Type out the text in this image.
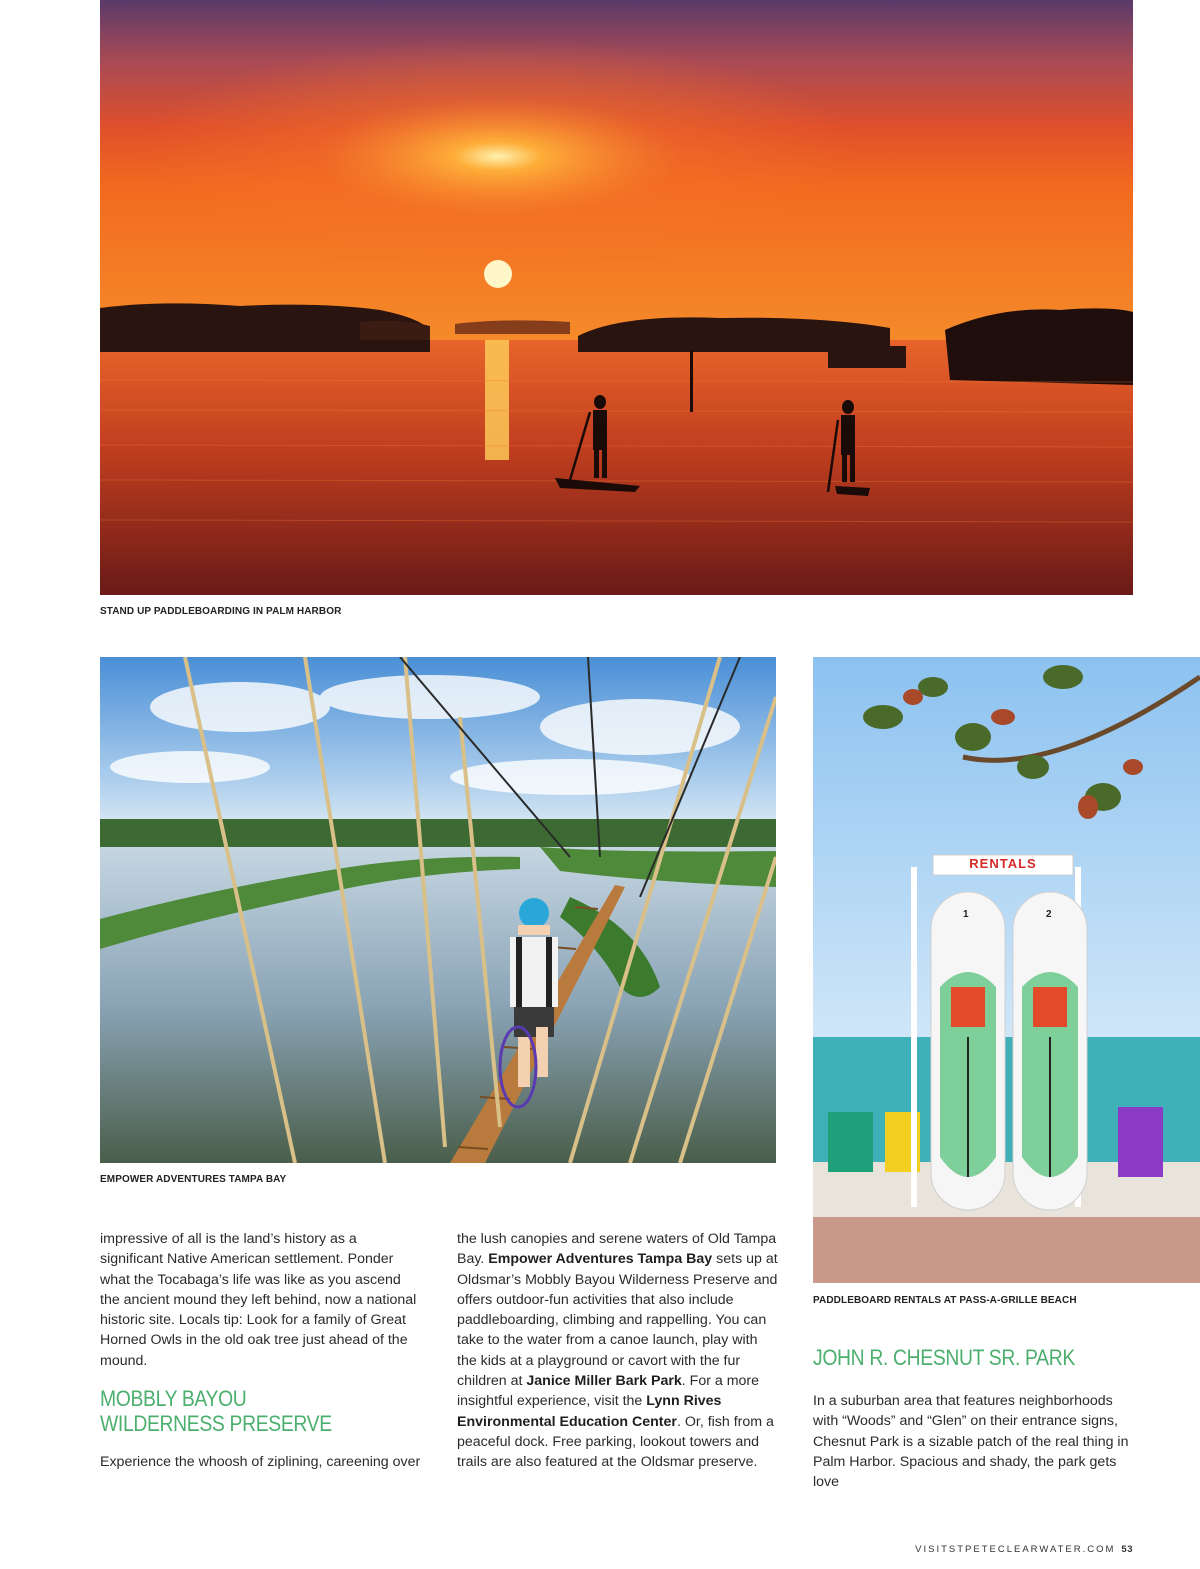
STAND UP PADDLEBOARDING IN PALM HARBOR
EMPOWER ADVENTURES TAMPA BAY
RENTALS
1	2
PADDLEBOARD RENTALS AT PASS-A-GRILLE BEACH

impressive of all is the land’s history as a significant Native American settlement. Ponder what the Tocabaga’s life was like as you ascend the ancient mound they left behind, now a national historic site. Locals tip: Look for a family of Great Horned Owls in the old oak tree just ahead of the mound.

MOBBLY BAYOU WILDERNESS PRESERVE

Experience the whoosh of ziplining, careening over

the lush canopies and serene waters of Old Tampa Bay. Empower Adventures Tampa Bay sets up at Oldsmar’s Mobbly Bayou Wilderness Preserve and offers outdoor-fun activities that also include paddleboarding, climbing and rappelling. You can take to the water from a canoe launch, play with the kids at a playground or cavort with the fur children at Janice Miller Bark Park. For a more insightful experience, visit the Lynn Rives Environmental Education Center. Or, fish from a peaceful dock. Free parking, lookout towers and trails are also featured at the Oldsmar preserve.

JOHN R. CHESNUT SR. PARK

In a suburban area that features neighborhoods with “Woods” and “Glen” on their entrance signs, Chesnut Park is a sizable patch of the real thing in Palm Harbor. Spacious and shady, the park gets love

VISITSTPETECLEARWATER.COM 53
